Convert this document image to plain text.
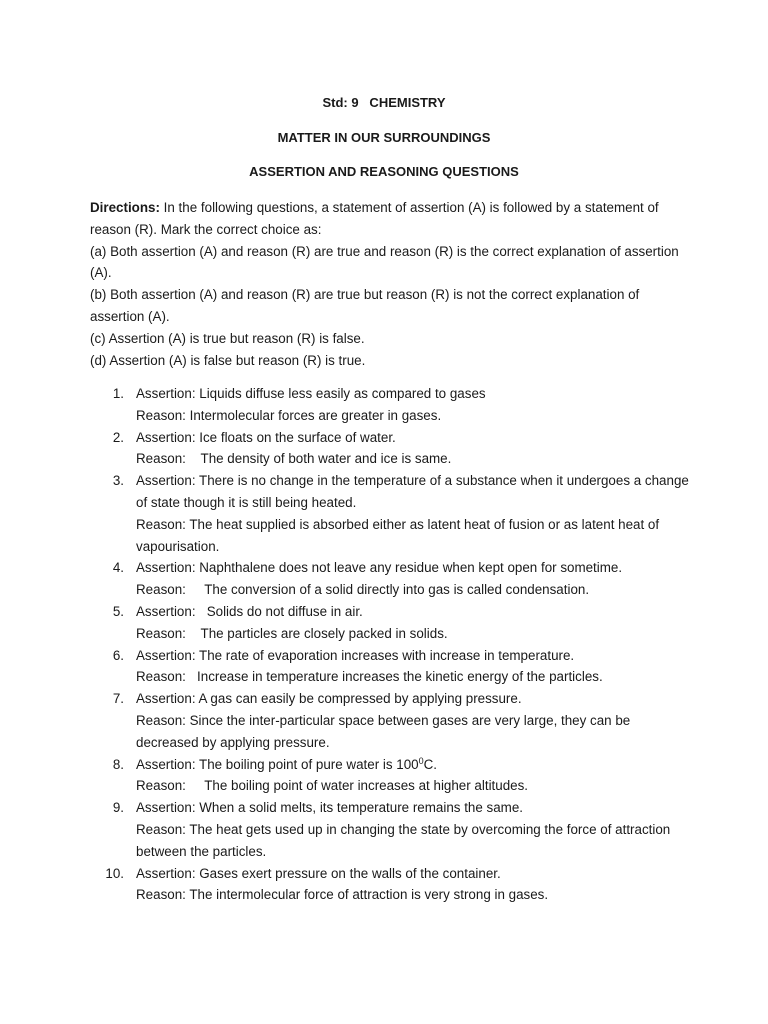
Std: 9   CHEMISTRY
MATTER IN OUR SURROUNDINGS
ASSERTION AND REASONING QUESTIONS

Directions: In the following questions, a statement of assertion (A) is followed by a statement of reason (R). Mark the correct choice as:

(a) Both assertion (A) and reason (R) are true and reason (R) is the correct explanation of assertion (A).

(b) Both assertion (A) and reason (R) are true but reason (R) is not the correct explanation of assertion (A).

(c) Assertion (A) is true but reason (R) is false.

(d) Assertion (A) is false but reason (R) is true.

1. Assertion: Liquids diffuse less easily as compared to gases
Reason: Intermolecular forces are greater in gases.
2. Assertion: Ice floats on the surface of water.
Reason:    The density of both water and ice is same.
3. Assertion: There is no change in the temperature of a substance when it undergoes a change of state though it is still being heated.
Reason: The heat supplied is absorbed either as latent heat of fusion or as latent heat of vapourisation.
4. Assertion: Naphthalene does not leave any residue when kept open for sometime.
Reason:     The conversion of a solid directly into gas is called condensation.
5. Assertion:   Solids do not diffuse in air.
Reason:    The particles are closely packed in solids.
6. Assertion: The rate of evaporation increases with increase in temperature.
Reason:   Increase in temperature increases the kinetic energy of the particles.
7. Assertion: A gas can easily be compressed by applying pressure.
Reason: Since the inter-particular space between gases are very large, they can be decreased by applying pressure.
8. Assertion: The boiling point of pure water is $100^0C$.
Reason:     The boiling point of water increases at higher altitudes.
9. Assertion: When a solid melts, its temperature remains the same.
Reason: The heat gets used up in changing the state by overcoming the force of attraction between the particles.
10. Assertion: Gases exert pressure on the walls of the container.
Reason: The intermolecular force of attraction is very strong in gases.
